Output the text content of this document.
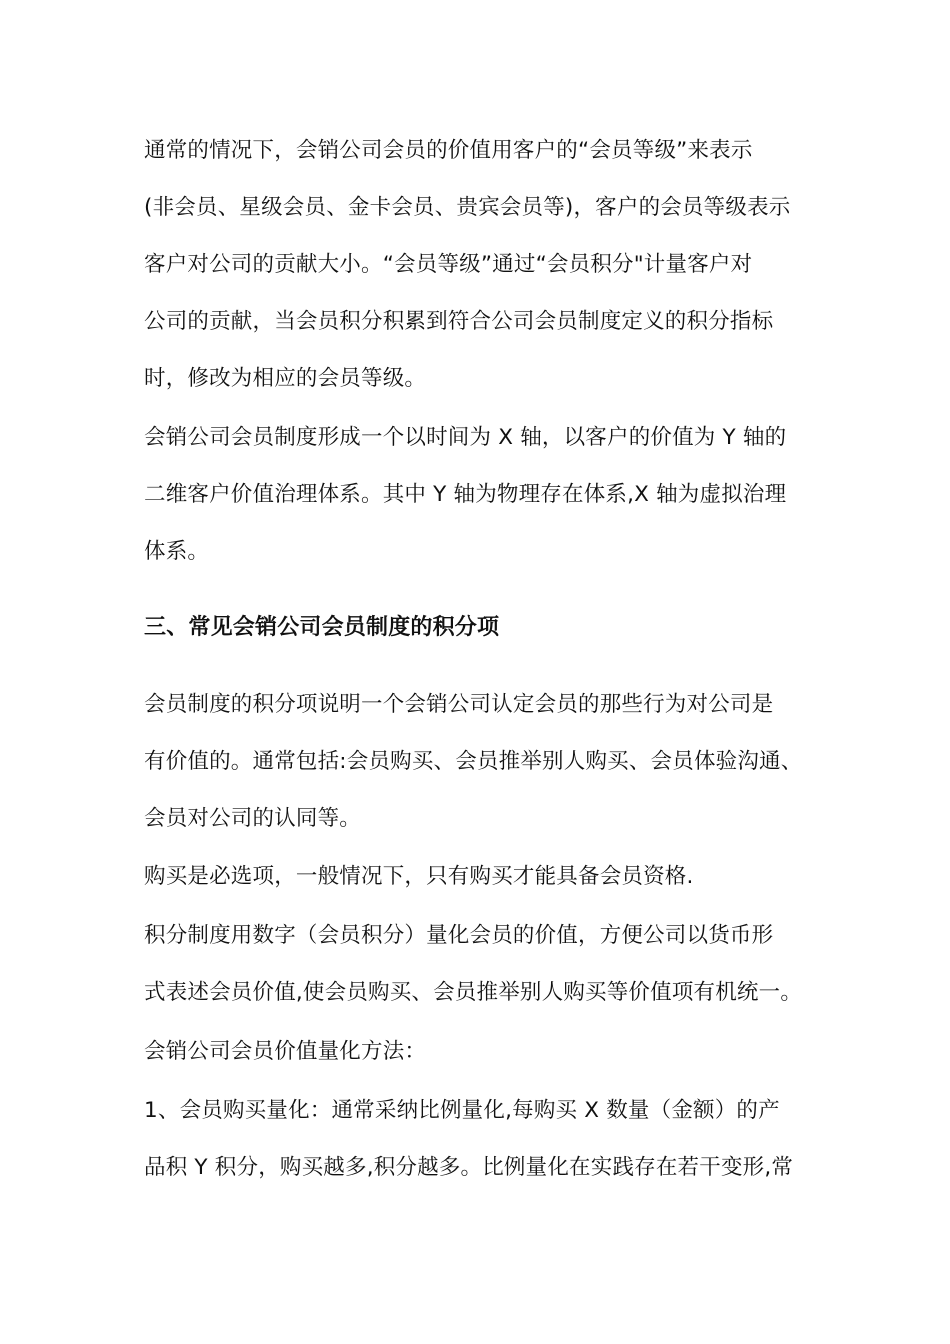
通常的情况下，会销公司会员的价值用客户的“会员等级”来表示
(非会员、星级会员、金卡会员、贵宾会员等)，客户的会员等级表示
客户对公司的贡献大小。“会员等级”通过“会员积分"计量客户对
公司的贡献，当会员积分积累到符合公司会员制度定义的积分指标
时，修改为相应的会员等级。
会销公司会员制度形成一个以时间为 X 轴，以客户的价值为 Y 轴的
二维客户价值治理体系。其中 Y 轴为物理存在体系,X 轴为虚拟治理
体系。
三、常见会销公司会员制度的积分项
会员制度的积分项说明一个会销公司认定会员的那些行为对公司是
有价值的。通常包括:会员购买、会员推举别人购买、会员体验沟通、
会员对公司的认同等。
购买是必选项，一般情况下，只有购买才能具备会员资格.
积分制度用数字（会员积分）量化会员的价值，方便公司以货币形
式表述会员价值,使会员购买、会员推举别人购买等价值项有机统一。
会销公司会员价值量化方法：
1、会员购买量化：通常采纳比例量化,每购买 X 数量（金额）的产
品积 Y 积分，购买越多,积分越多。比例量化在实践存在若干变形,常
